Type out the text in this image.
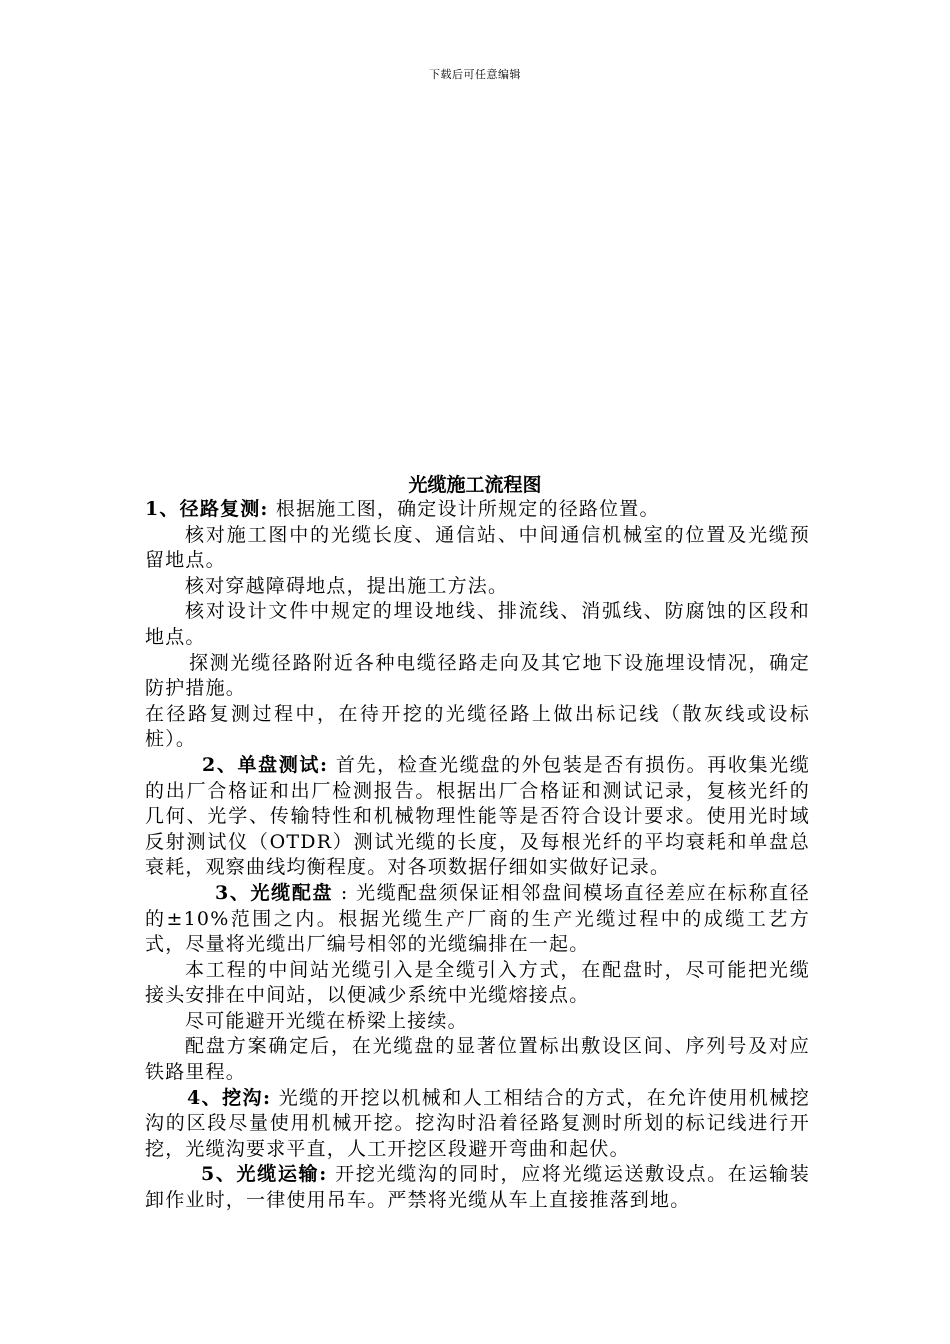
下载后可任意编辑
光缆施工流程图

1、径路复测: 根据施工图，确定设计所规定的径路位置。

核对施工图中的光缆长度、通信站、中间通信机械室的位置及光缆预留地点。

核对穿越障碍地点，提出施工方法。

核对设计文件中规定的埋设地线、排流线、消弧线、防腐蚀的区段和地点。

探测光缆径路附近各种电缆径路走向及其它地下设施埋设情况，确定防护措施。

在径路复测过程中，在待开挖的光缆径路上做出标记线（散灰线或设标桩）。

2、单盘测试: 首先，检查光缆盘的外包装是否有损伤。再收集光缆的出厂合格证和出厂检测报告。根据出厂合格证和测试记录，复核光纤的几何、光学、传输特性和机械物理性能等是否符合设计要求。使用光时域反射测试仪（OTDR）测试光缆的长度，及每根光纤的平均衰耗和单盘总衰耗，观察曲线均衡程度。对各项数据仔细如实做好记录。

3、光缆配盘 : 光缆配盘须保证相邻盘间模场直径差应在标称直径的±10%范围之内。根据光缆生产厂商的生产光缆过程中的成缆工艺方式，尽量将光缆出厂编号相邻的光缆编排在一起。

本工程的中间站光缆引入是全缆引入方式，在配盘时，尽可能把光缆接头安排在中间站，以便减少系统中光缆熔接点。

尽可能避开光缆在桥梁上接续。

配盘方案确定后，在光缆盘的显著位置标出敷设区间、序列号及对应铁路里程。

4、挖沟: 光缆的开挖以机械和人工相结合的方式，在允许使用机械挖沟的区段尽量使用机械开挖。挖沟时沿着径路复测时所划的标记线进行开挖，光缆沟要求平直，人工开挖区段避开弯曲和起伏。

5、光缆运输: 开挖光缆沟的同时，应将光缆运送敷设点。在运输装卸作业时，一律使用吊车。严禁将光缆从车上直接推落到地。
